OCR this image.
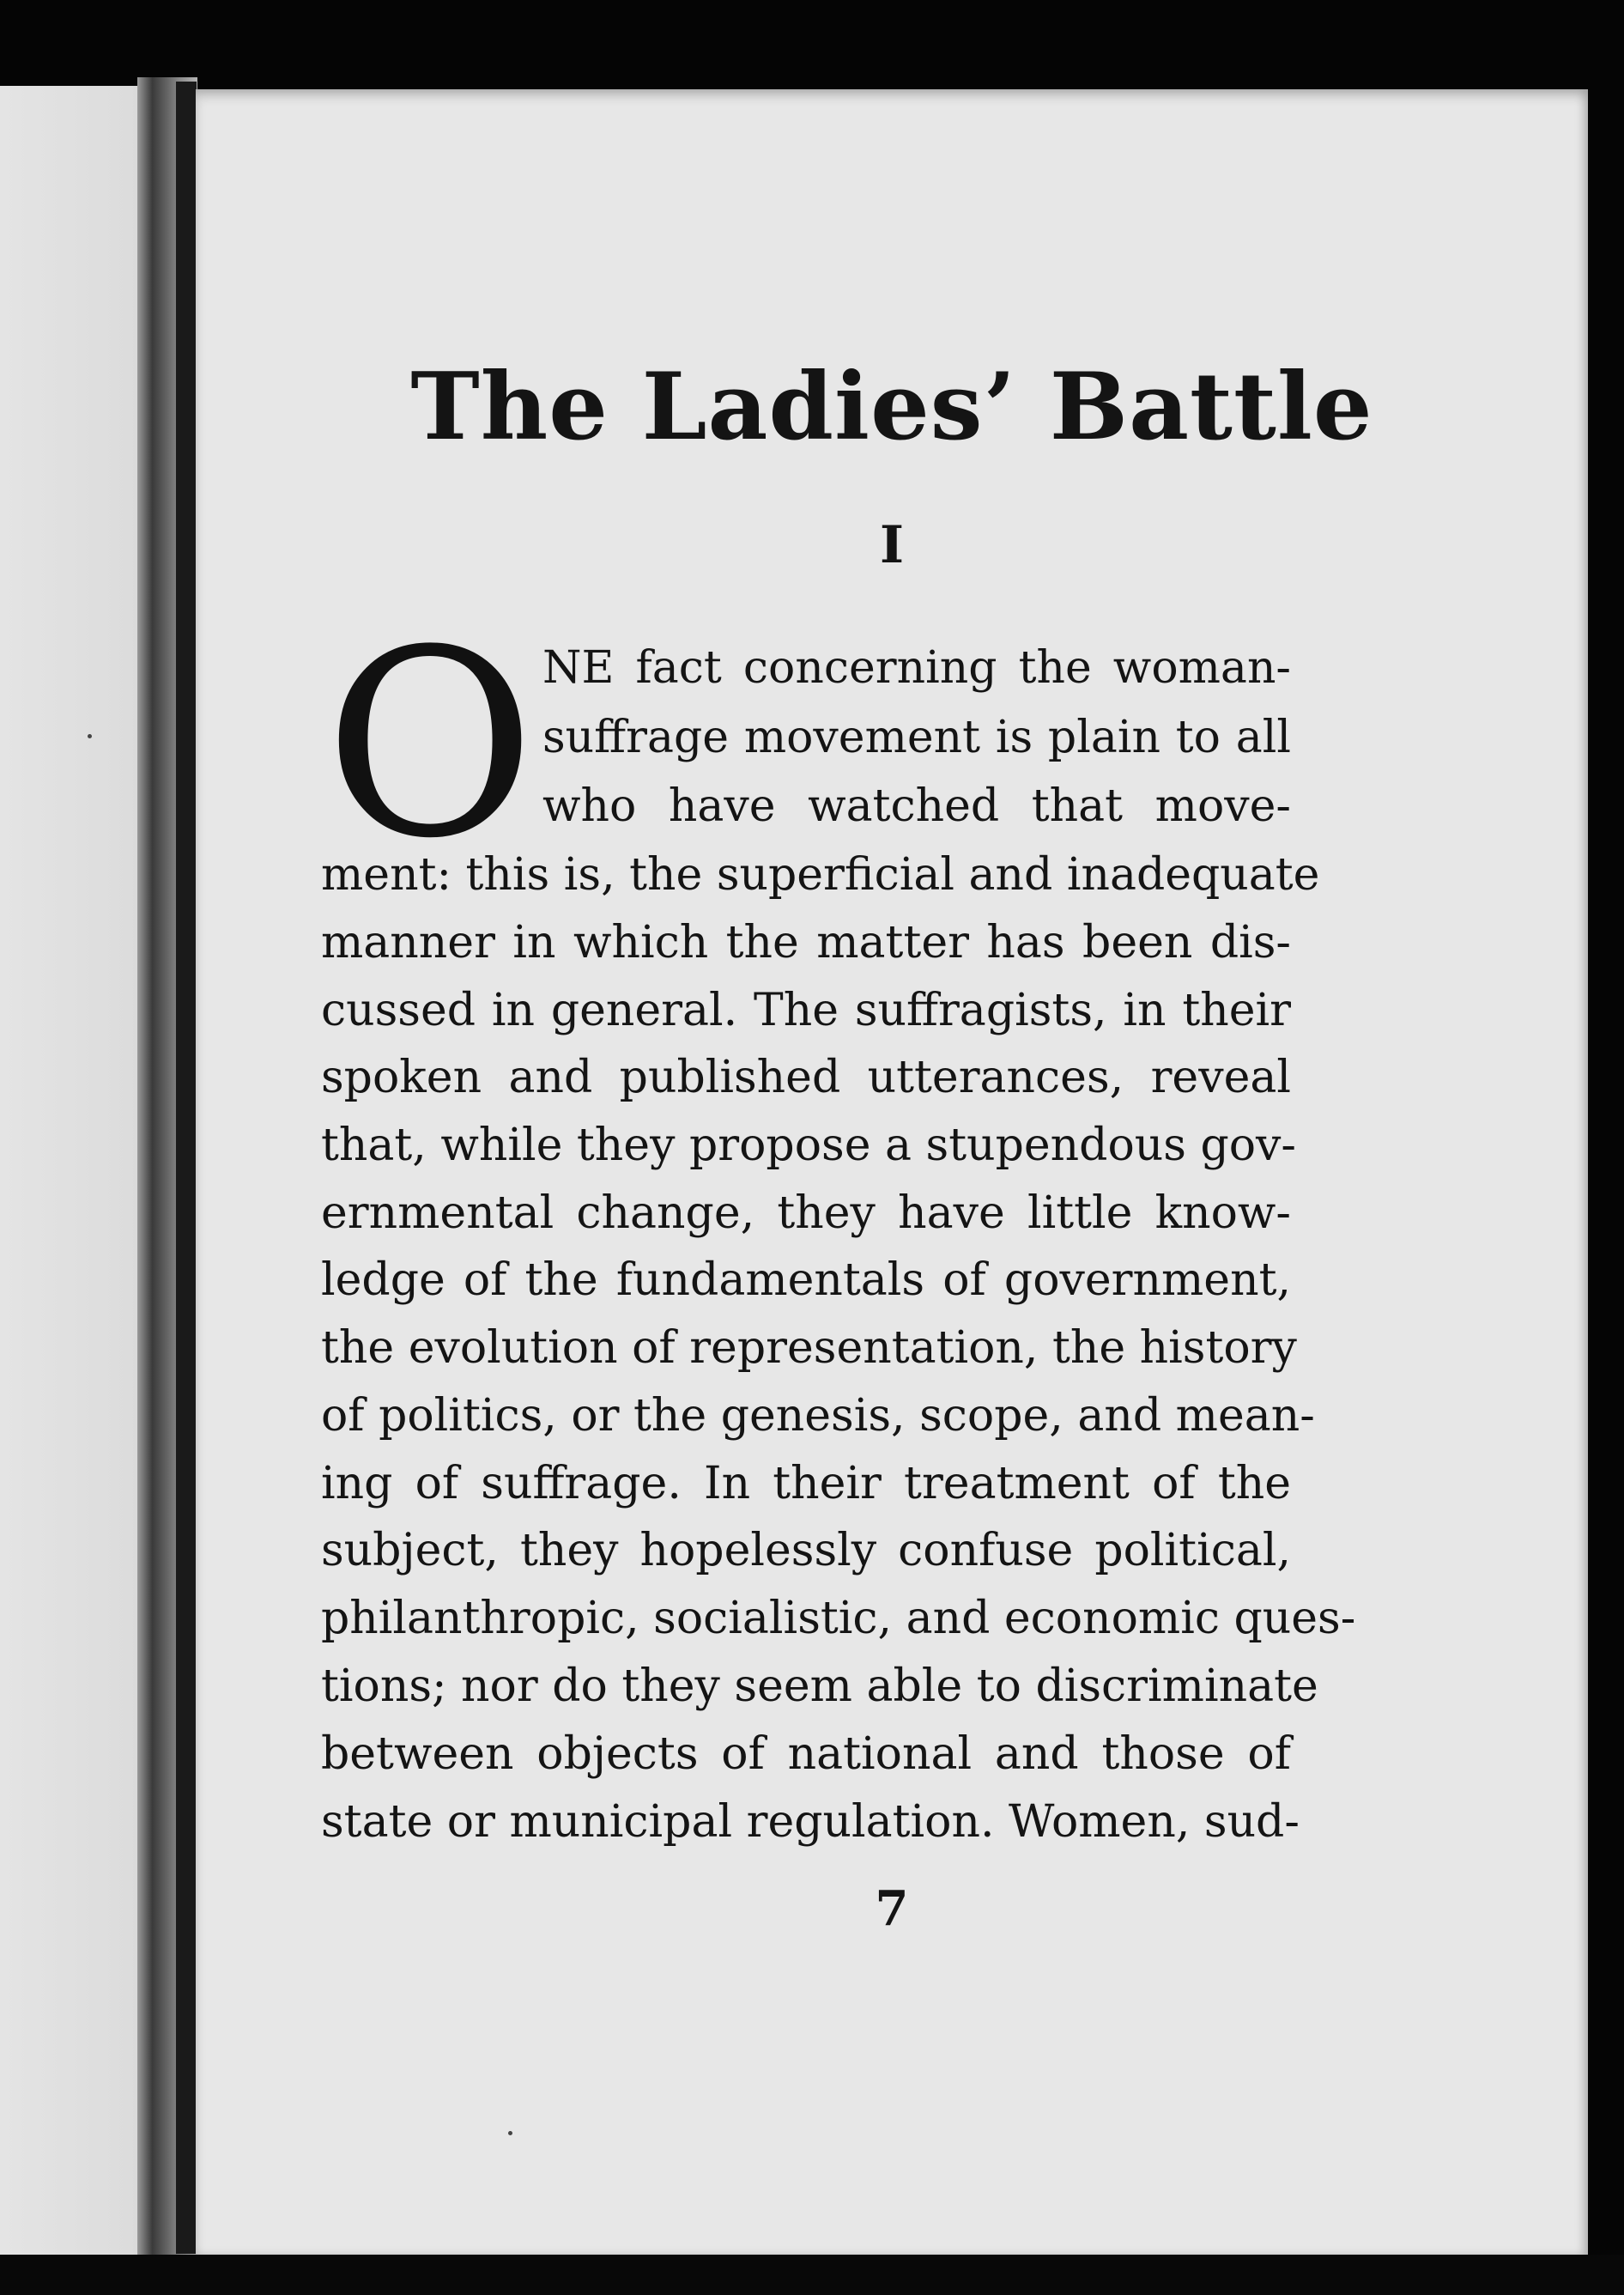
The Ladies’ Battle
I
O NE fact concerning the woman-
suffrage movement is plain to all
who have watched that move-
ment: this is, the superficial and inadequate
manner in which the matter has been dis-
cussed in general. The suffragists, in their
spoken and published utterances, reveal
that, while they propose a stupendous gov-
ernmental change, they have little know-
ledge of the fundamentals of government,
the evolution of representation, the history
of politics, or the genesis, scope, and mean-
ing of suffrage. In their treatment of the
subject, they hopelessly confuse political,
philanthropic, socialistic, and economic ques-
tions; nor do they seem able to discriminate
between objects of national and those of
state or municipal regulation. Women, sud-
7
